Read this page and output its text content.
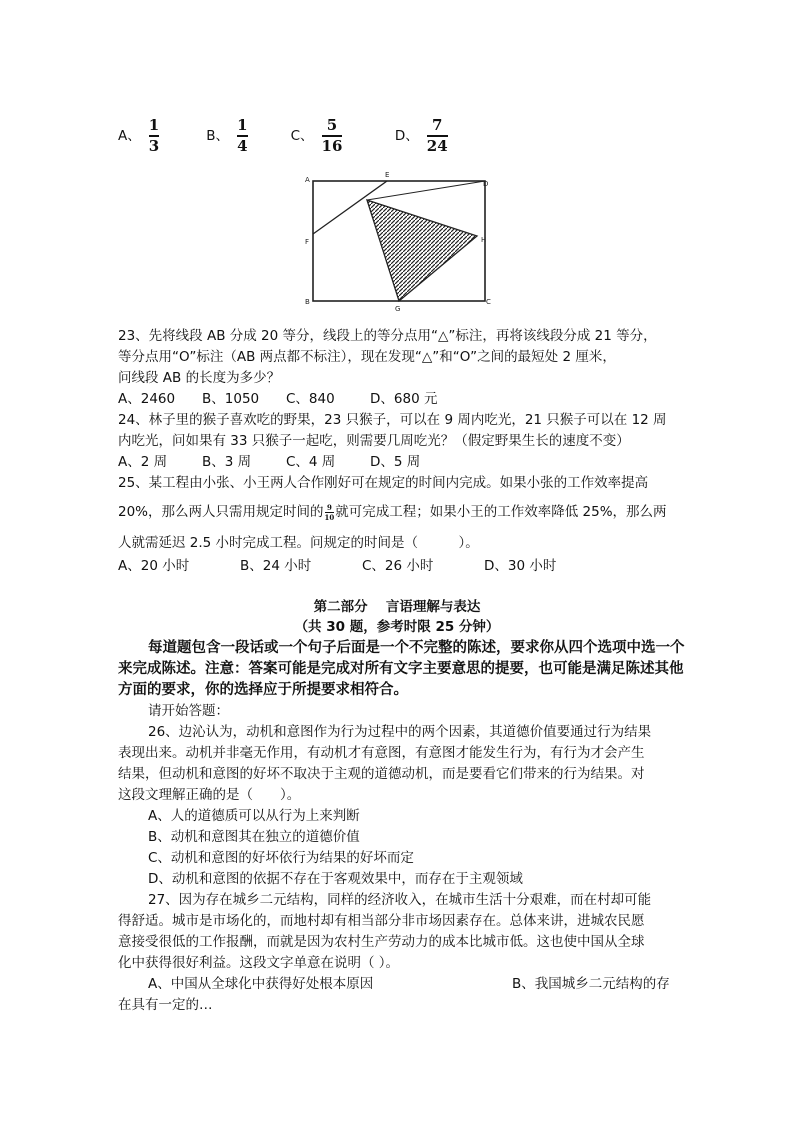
A、 $\frac{1}{3}$	B、 $\frac{1}{4}$	C、 $\frac{5}{16}$	D、 $\frac{7}{24}$
A
E
D
F	H
B
G
C
23、先将线段 AB 分成 20 等分，线段上的等分点用“△”标注，再将该线段分成 21 等分，
等分点用“O”标注（AB 两点都不标注），现在发现“△”和“O”之间的最短处 2 厘米，
问线段 AB 的长度为多少？
A、2460 B、1050 C、840	D、680 元
24、林子里的猴子喜欢吃的野果，23 只猴子，可以在 9 周内吃光，21 只猴子可以在 12 周
内吃光，问如果有 33 只猴子一起吃，则需要几周吃光？（假定野果生长的速度不变）
A、2 周	B、3 周	C、4 周	D、5 周
25、某工程由小张、小王两人合作刚好可在规定的时间内完成。如果小张的工作效率提高
20%，那么两人只需用规定时间的 $\frac{9}{10}$ 就可完成工程；如果小王的工作效率降低 25%，那么两
人就需延迟 2.5 小时完成工程。问规定的时间是（　　　）。
A、20 小时	B、24 小时	C、26 小时	D、30 小时
第二部分　 言语理解与表达
（共 30 题，参考时限 25 分钟）
每道题包含一段话或一个句子后面是一个不完整的陈述，要求你从四个选项中选一个
来完成陈述。注意：答案可能是完成对所有文字主要意思的提要，也可能是满足陈述其他
方面的要求，你的选择应于所提要求相符合。
请开始答题：
26、边沁认为，动机和意图作为行为过程中的两个因素，其道德价值要通过行为结果
表现出来。动机并非毫无作用，有动机才有意图，有意图才能发生行为，有行为才会产生
结果，但动机和意图的好坏不取决于主观的道德动机，而是要看它们带来的行为结果。对
这段文理解正确的是（　　）。
A、人的道德质可以从行为上来判断
B、动机和意图其在独立的道德价值
C、动机和意图的好坏依行为结果的好坏而定
D、动机和意图的依据不存在于客观效果中，而存在于主观领域
27、因为存在城乡二元结构，同样的经济收入，在城市生活十分艰难，而在村却可能
得舒适。城市是市场化的，而地村却有相当部分非市场因素存在。总体来讲，进城农民愿
意接受很低的工作报酬，而就是因为农村生产劳动力的成本比城市低。这也使中国从全球
化中获得很好利益。这段文字单意在说明（ ）。
A、中国从全球化中获得好处根本原因	B、我国城乡二元结构的存
在具有一定的…
